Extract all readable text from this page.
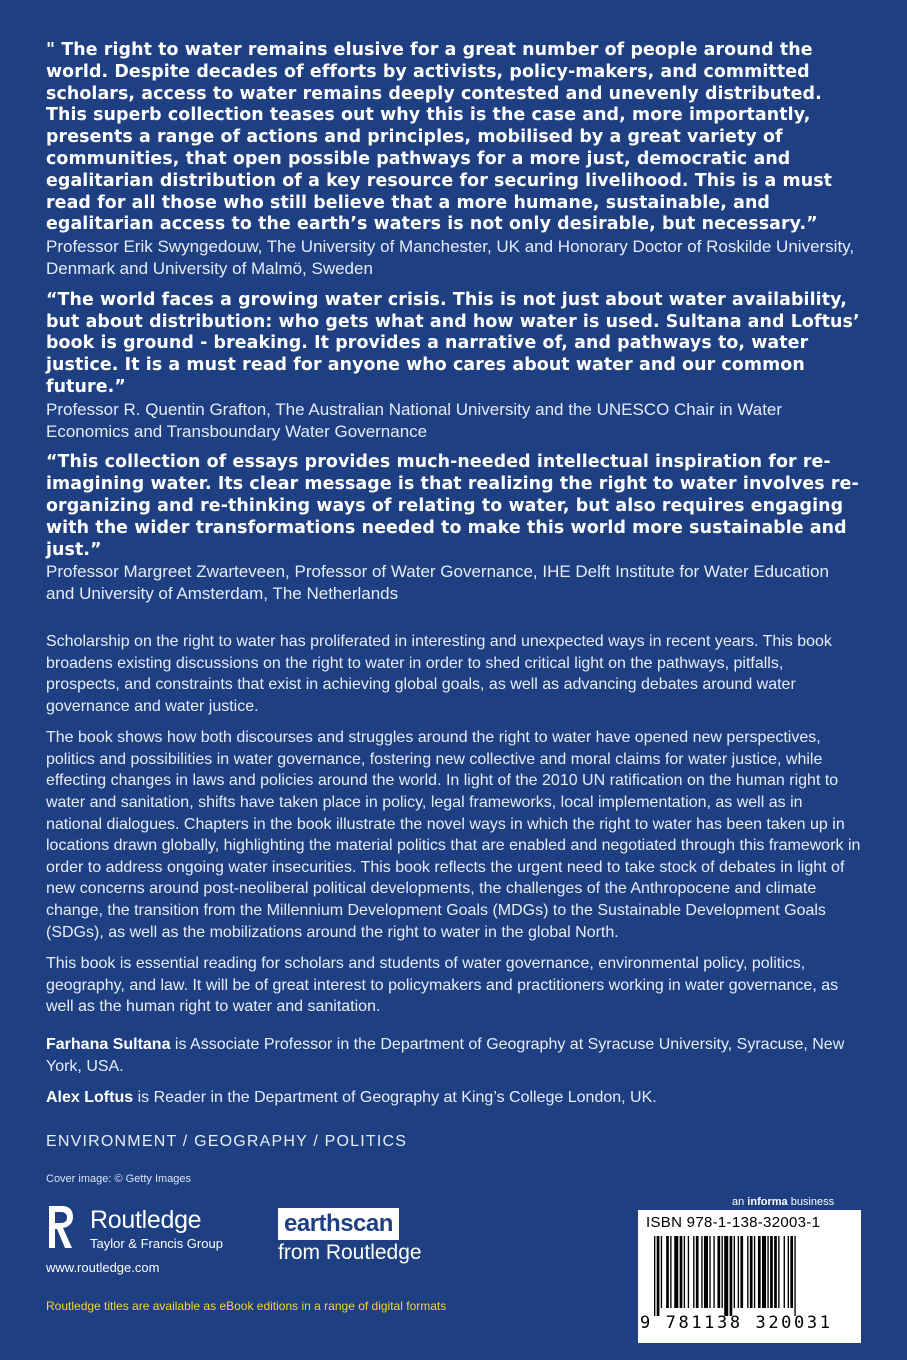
" The right to water remains elusive for a great number of people around the world. Despite decades of efforts by activists, policy-makers, and committed scholars, access to water remains deeply contested and unevenly distributed. This superb collection teases out why this is the case and, more importantly, presents a range of actions and principles, mobilised by a great variety of communities, that open possible pathways for a more just, democratic and egalitarian distribution of a key resource for securing livelihood. This is a must read for all those who still believe that a more humane, sustainable, and egalitarian access to the earth’s waters is not only desirable, but necessary.”

Professor Erik Swyngedouw, The University of Manchester, UK and Honorary Doctor of Roskilde University, Denmark and University of Malmö, Sweden

“The world faces a growing water crisis. This is not just about water availability, but about distribution: who gets what and how water is used. Sultana and Loftus’ book is ground - breaking. It provides a narrative of, and pathways to, water justice. It is a must read for anyone who cares about water and our common future.”

Professor R. Quentin Grafton, The Australian National University and the UNESCO Chair in Water Economics and Transboundary Water Governance

“This collection of essays provides much-needed intellectual inspiration for re-imagining water. Its clear message is that realizing the right to water involves re-organizing and re-thinking ways of relating to water, but also requires engaging with the wider transformations needed to make this world more sustainable and just.”

Professor Margreet Zwarteveen, Professor of Water Governance, IHE Delft Institute for Water Education and University of Amsterdam, The Netherlands

Scholarship on the right to water has proliferated in interesting and unexpected ways in recent years. This book broadens existing discussions on the right to water in order to shed critical light on the pathways, pitfalls, prospects, and constraints that exist in achieving global goals, as well as advancing debates around water governance and water justice.

The book shows how both discourses and struggles around the right to water have opened new perspectives, politics and possibilities in water governance, fostering new collective and moral claims for water justice, while effecting changes in laws and policies around the world. In light of the 2010 UN ratification on the human right to water and sanitation, shifts have taken place in policy, legal frameworks, local implementation, as well as in national dialogues. Chapters in the book illustrate the novel ways in which the right to water has been taken up in locations drawn globally, highlighting the material politics that are enabled and negotiated through this framework in order to address ongoing water insecurities. This book reflects the urgent need to take stock of debates in light of new concerns around post-neoliberal political developments, the challenges of the Anthropocene and climate change, the transition from the Millennium Development Goals (MDGs) to the Sustainable Development Goals (SDGs), as well as the mobilizations around the right to water in the global North.

This book is essential reading for scholars and students of water governance, environmental policy, politics, geography, and law. It will be of great interest to policymakers and practitioners working in water governance, as well as the human right to water and sanitation.

Farhana Sultana is Associate Professor in the Department of Geography at Syracuse University, Syracuse, New York, USA.

Alex Loftus is Reader in the Department of Geography at King’s College London, UK.

ENVIRONMENT / GEOGRAPHY / POLITICS
Cover image: © Getty Images
Routledge
Taylor & Francis Group
www.routledge.com
earthscan
from Routledge
an informa business
ISBN 978-1-138-32003-1
9 781138 320031
Routledge titles are available as eBook editions in a range of digital formats
